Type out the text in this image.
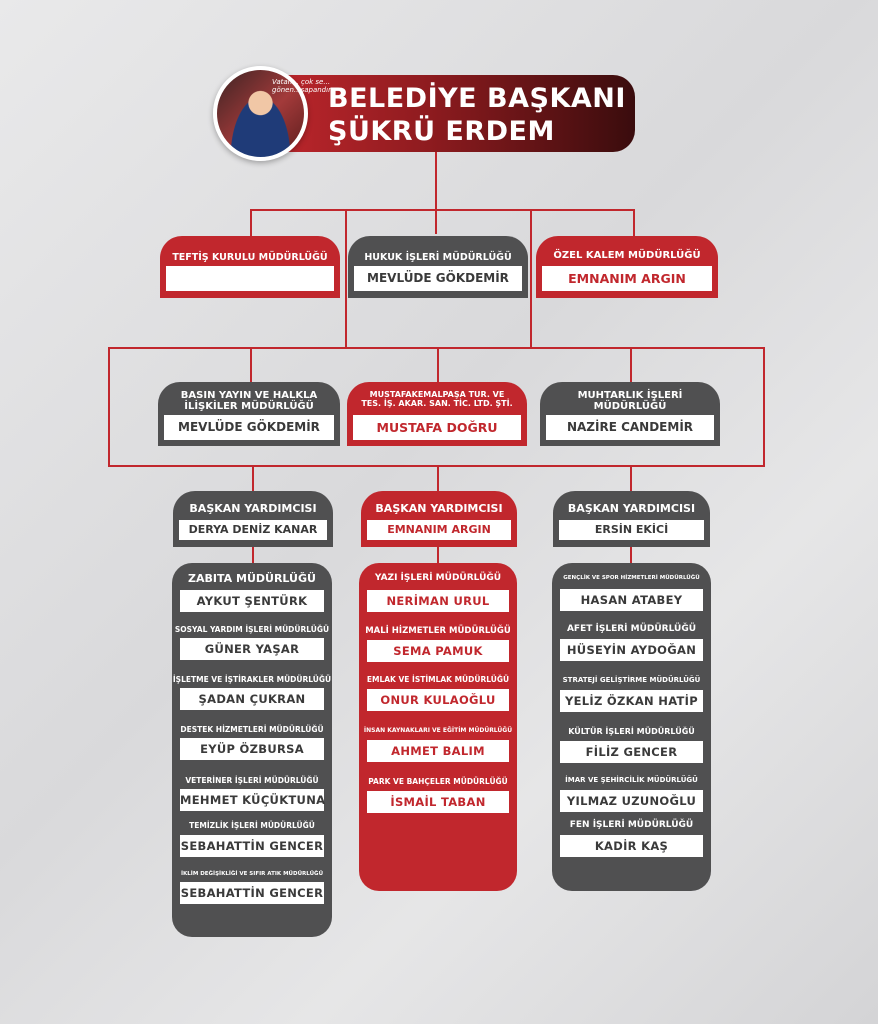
BELEDİYE BAŞKANI
ŞÜKRÜ ERDEM
Vatan... çok se... gönen...sapandır
TEFTİŞ KURULU MÜDÜRLÜĞÜ	HUKUK İŞLERİ MÜDÜRLÜĞÜ
MEVLÜDE GÖKDEMİR
ÖZEL KALEM MÜDÜRLÜĞÜ
EMNANIM ARGIN
BASIN YAYIN VE HALKLA
İLİŞKİLER MÜDÜRLÜĞÜ
MEVLÜDE GÖKDEMİR
MUSTAFAKEMALPAŞA TUR. VE
TES. İŞ. AKAR. SAN. TİC. LTD. ŞTİ.
MUSTAFA DOĞRU
MUHTARLIK İŞLERİ
MÜDÜRLÜĞÜ
NAZİRE CANDEMİR
BAŞKAN YARDIMCISI
DERYA DENİZ KANAR
BAŞKAN YARDIMCISI
EMNANIM ARGIN
BAŞKAN YARDIMCISI
ERSİN EKİCİ
ZABITA MÜDÜRLÜĞÜ
AYKUT ŞENTÜRK
SOSYAL YARDIM İŞLERİ MÜDÜRLÜĞÜ
GÜNER YAŞAR
İŞLETME VE İŞTİRAKLER MÜDÜRLÜĞÜ
ŞADAN ÇUKRAN
DESTEK HİZMETLERİ MÜDÜRLÜĞÜ
EYÜP ÖZBURSA
VETERİNER İŞLERİ MÜDÜRLÜĞÜ
MEHMET KÜÇÜKTUNA
TEMİZLİK İŞLERİ MÜDÜRLÜĞÜ
SEBAHATTİN GENCER
İKLİM DEĞİŞİKLİĞİ VE SIFIR ATIK MÜDÜRLÜĞÜ
SEBAHATTİN GENCER
YAZI İŞLERİ MÜDÜRLÜĞÜ
NERİMAN URUL
MALİ HİZMETLER MÜDÜRLÜĞÜ
SEMA PAMUK
EMLAK VE İSTİMLAK MÜDÜRLÜĞÜ
ONUR KULAOĞLU
İNSAN KAYNAKLARI VE EĞİTİM MÜDÜRLÜĞÜ
AHMET BALIM
PARK VE BAHÇELER MÜDÜRLÜĞÜ
İSMAİL TABAN
GENÇLİK VE SPOR HİZMETLERİ MÜDÜRLÜĞÜ
HASAN ATABEY
AFET İŞLERİ MÜDÜRLÜĞÜ
HÜSEYİN AYDOĞAN
STRATEJİ GELİŞTİRME MÜDÜRLÜĞÜ
YELİZ ÖZKAN HATİP
KÜLTÜR İŞLERİ MÜDÜRLÜĞÜ
FİLİZ GENCER
İMAR VE ŞEHİRCİLİK MÜDÜRLÜĞÜ
YILMAZ UZUNOĞLU
FEN İŞLERİ MÜDÜRLÜĞÜ
KADİR KAŞ
